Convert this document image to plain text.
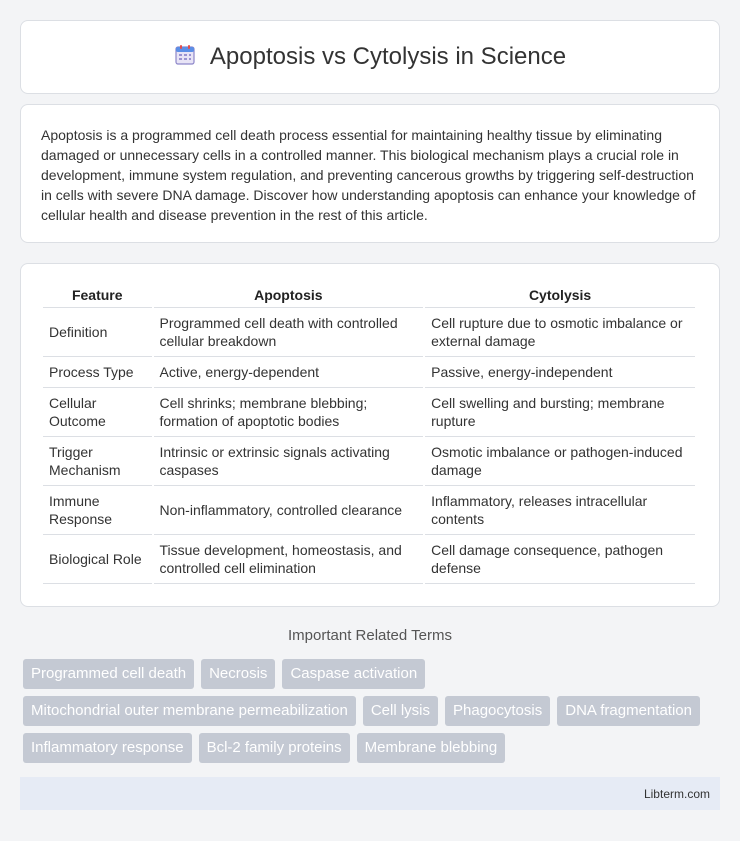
Apoptosis vs Cytolysis in Science

Apoptosis is a programmed cell death process essential for maintaining healthy tissue by eliminating damaged or unnecessary cells in a controlled manner. This biological mechanism plays a crucial role in development, immune system regulation, and preventing cancerous growths by triggering self-destruction in cells with severe DNA damage. Discover how understanding apoptosis can enhance your knowledge of cellular health and disease prevention in the rest of this article.

Feature	Apoptosis	Cytolysis
Definition	Programmed cell death with controlled cellular breakdown	Cell rupture due to osmotic imbalance or external damage
Process Type	Active, energy-dependent	Passive, energy-independent
Cellular Outcome	Cell shrinks; membrane blebbing; formation of apoptotic bodies	Cell swelling and bursting; membrane rupture
Trigger Mechanism	Intrinsic or extrinsic signals activating caspases	Osmotic imbalance or pathogen-induced damage
Immune Response	Non-inflammatory, controlled clearance	Inflammatory, releases intracellular contents
Biological Role	Tissue development, homeostasis, and controlled cell elimination	Cell damage consequence, pathogen defense
Important Related Terms
Programmed cell death	Necrosis	Caspase activation
Mitochondrial outer membrane permeabilization	Cell lysis	Phagocytosis	DNA fragmentation
Inflammatory response	Bcl-2 family proteins	Membrane blebbing
Libterm.com
